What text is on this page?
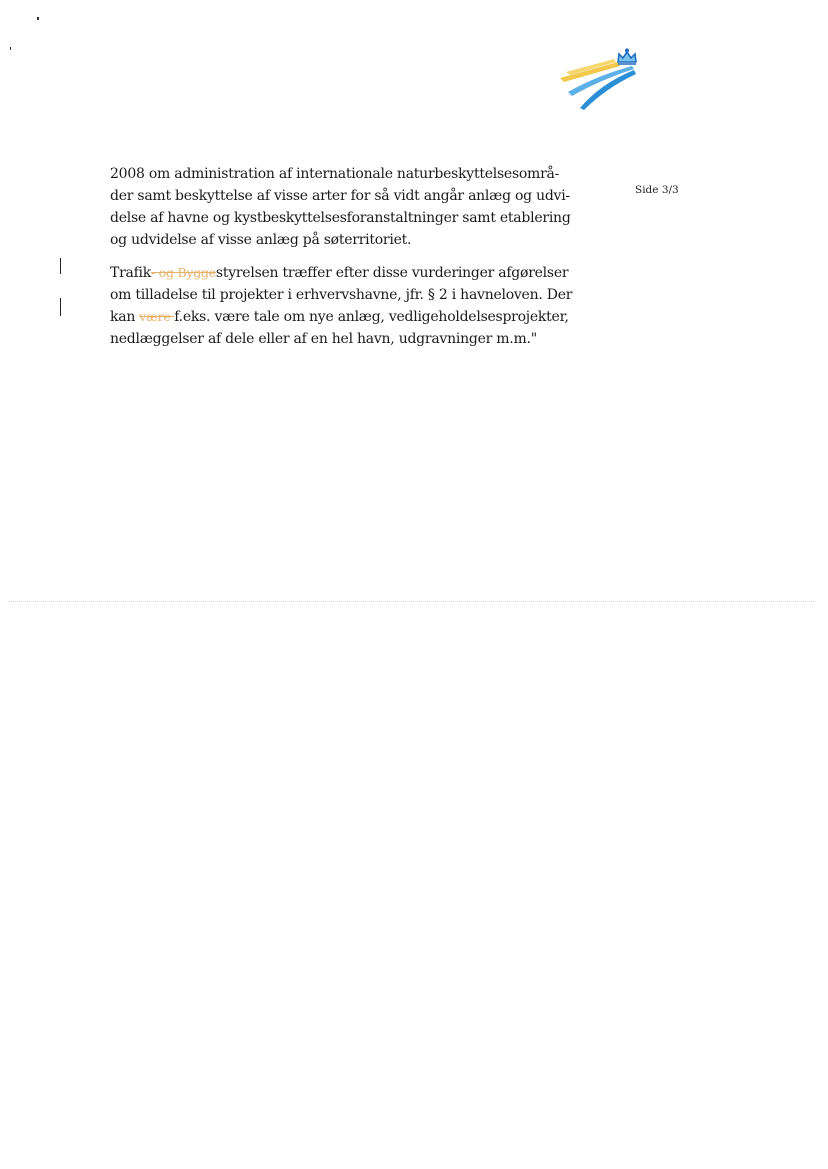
Side 3/3

2008 om administration af internationale naturbeskyttelsesområ-
der samt beskyttelse af visse arter for så vidt angår anlæg og udvi-
delse af havne og kystbeskyttelsesforanstaltninger samt etablering
og udvidelse af visse anlæg på søterritoriet.

Trafik- og Byggestyrelsen træffer efter disse vurderinger afgørelser
om tilladelse til projekter i erhvervshavne, jfr. § 2 i havneloven. Der
kan være f.eks. være tale om nye anlæg, vedligeholdelsesprojekter,
nedlæggelser af dele eller af en hel havn, udgravninger m.m."
